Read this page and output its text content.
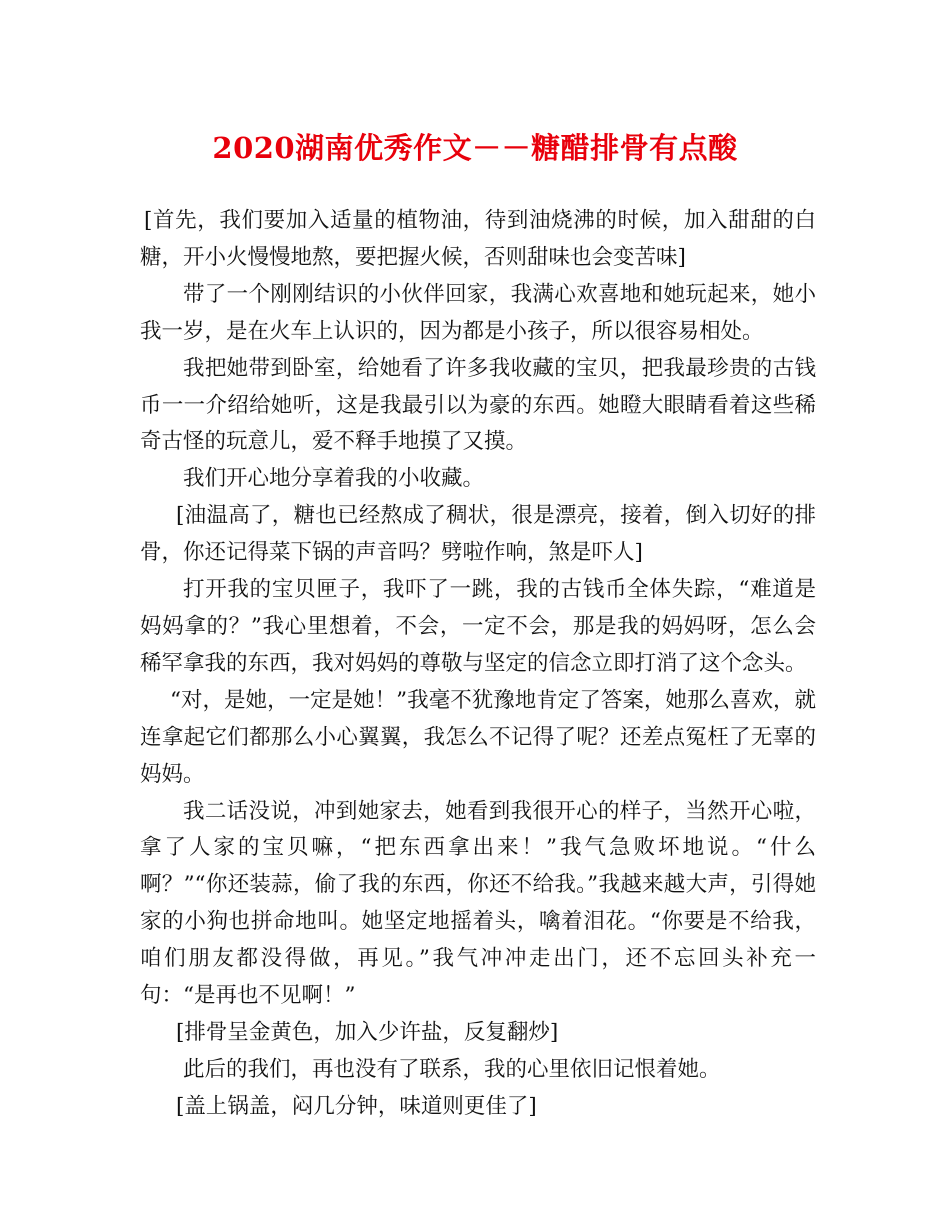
2020湖南优秀作文－－糖醋排骨有点酸

[首先，我们要加入适量的植物油，待到油烧沸的时候，加入甜甜的白糖，开小火慢慢地熬，要把握火候，否则甜味也会变苦味]

带了一个刚刚结识的小伙伴回家，我满心欢喜地和她玩起来，她小我一岁，是在火车上认识的，因为都是小孩子，所以很容易相处。

我把她带到卧室，给她看了许多我收藏的宝贝，把我最珍贵的古钱币一一介绍给她听，这是我最引以为豪的东西。她瞪大眼睛看着这些稀奇古怪的玩意儿，爱不释手地摸了又摸。

我们开心地分享着我的小收藏。

[油温高了，糖也已经熬成了稠状，很是漂亮，接着，倒入切好的排骨，你还记得菜下锅的声音吗？劈啦作响，煞是吓人]

打开我的宝贝匣子，我吓了一跳，我的古钱币全体失踪，“难道是妈妈拿的？”我心里想着，不会，一定不会，那是我的妈妈呀，怎么会稀罕拿我的东西，我对妈妈的尊敬与坚定的信念立即打消了这个念头。

“对，是她，一定是她！”我毫不犹豫地肯定了答案，她那么喜欢，就连拿起它们都那么小心翼翼，我怎么不记得了呢？还差点冤枉了无辜的妈妈。

我二话没说，冲到她家去，她看到我很开心的样子，当然开心啦，拿了人家的宝贝嘛，“把东西拿出来！”我气急败坏地说。“什么啊？”“你还装蒜，偷了我的东西，你还不给我。”我越来越大声，引得她家的小狗也拼命地叫。她坚定地摇着头，噙着泪花。“你要是不给我，咱们朋友都没得做，再见。”我气冲冲走出门，还不忘回头补充一句：“是再也不见啊！”

[排骨呈金黄色，加入少许盐，反复翻炒]

此后的我们，再也没有了联系，我的心里依旧记恨着她。

[盖上锅盖，闷几分钟，味道则更佳了]
